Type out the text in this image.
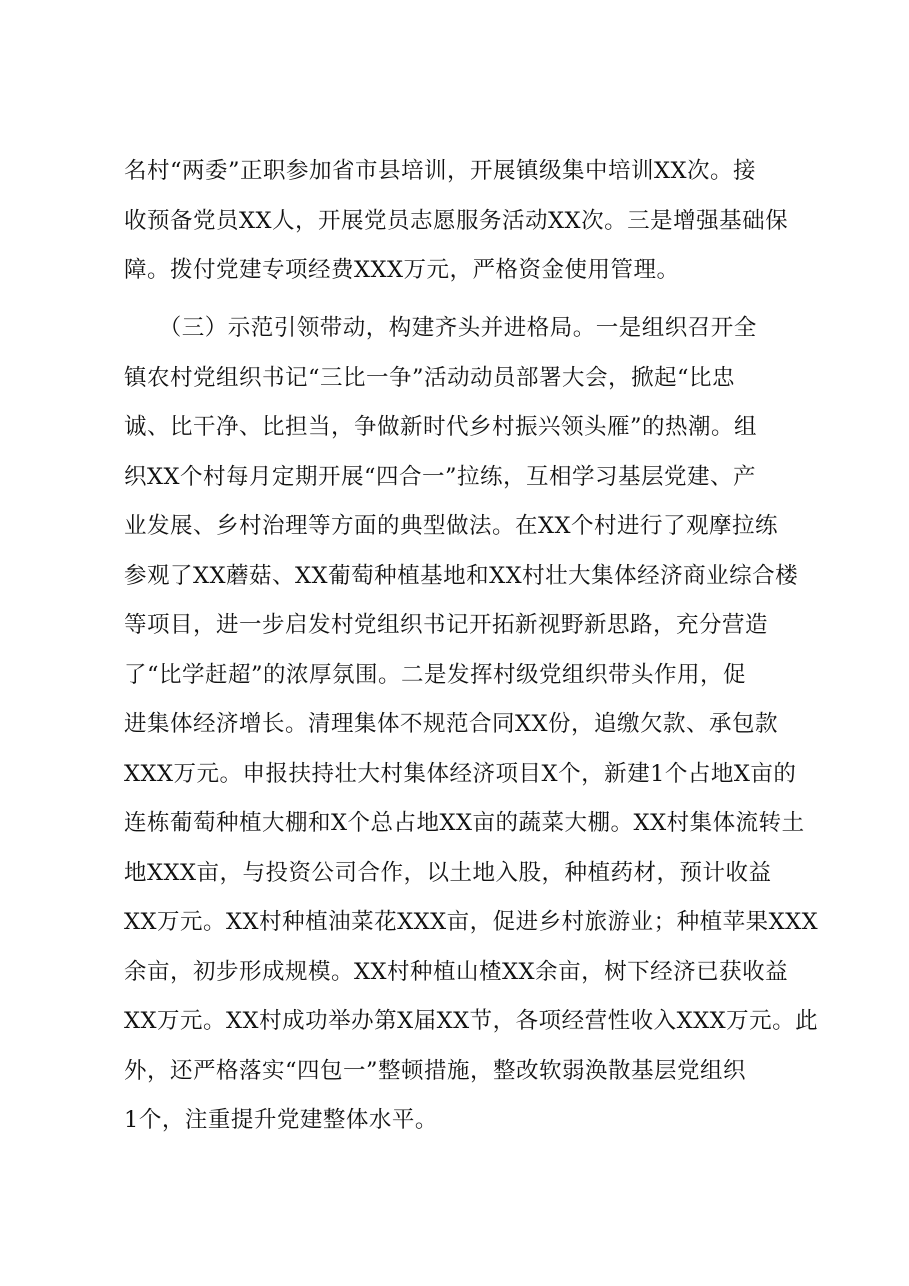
名村“两委”正职参加省市县培训，开展镇级集中培训XX次。接
收预备党员XX人，开展党员志愿服务活动XX次。三是增强基础保
障。拨付党建专项经费XXX万元，严格资金使用管理。
　　（三）示范引领带动，构建齐头并进格局。一是组织召开全
镇农村党组织书记“三比一争”活动动员部署大会，掀起“比忠
诚、比干净、比担当，争做新时代乡村振兴领头雁”的热潮。组
织XX个村每月定期开展“四合一”拉练，互相学习基层党建、产
业发展、乡村治理等方面的典型做法。在XX个村进行了观摩拉练
参观了XX蘑菇、XX葡萄种植基地和XX村壮大集体经济商业综合楼
等项目，进一步启发村党组织书记开拓新视野新思路，充分营造
了“比学赶超”的浓厚氛围。二是发挥村级党组织带头作用，促
进集体经济增长。清理集体不规范合同XX份，追缴欠款、承包款
XXX万元。申报扶持壮大村集体经济项目X个，新建1个占地X亩的
连栋葡萄种植大棚和X个总占地XX亩的蔬菜大棚。XX村集体流转土
地XXX亩，与投资公司合作，以土地入股，种植药材，预计收益
XX万元。XX村种植油菜花XXX亩，促进乡村旅游业；种植苹果XXX
余亩，初步形成规模。XX村种植山楂XX余亩，树下经济已获收益
XX万元。XX村成功举办第X届XX节，各项经营性收入XXX万元。此
外，还严格落实“四包一”整顿措施，整改软弱涣散基层党组织
1个，注重提升党建整体水平。
